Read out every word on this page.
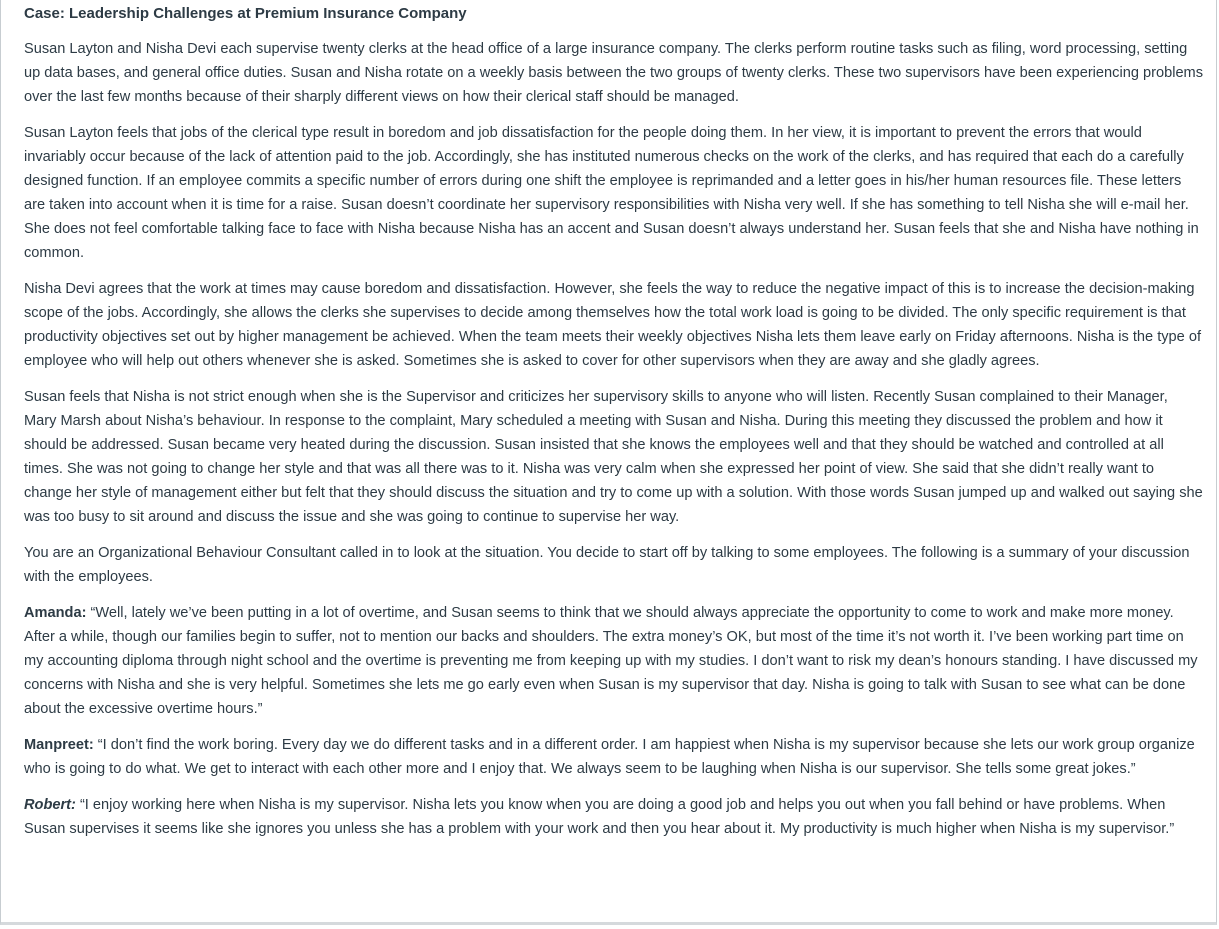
Case: Leadership Challenges at Premium Insurance Company

Susan Layton and Nisha Devi each supervise twenty clerks at the head office of a large insurance company. The clerks perform routine tasks such as filing, word processing, setting up data bases, and general office duties. Susan and Nisha rotate on a weekly basis between the two groups of twenty clerks. These two supervisors have been experiencing problems over the last few months because of their sharply different views on how their clerical staff should be managed.

Susan Layton feels that jobs of the clerical type result in boredom and job dissatisfaction for the people doing them. In her view, it is important to prevent the errors that would invariably occur because of the lack of attention paid to the job. Accordingly, she has instituted numerous checks on the work of the clerks, and has required that each do a carefully designed function. If an employee commits a specific number of errors during one shift the employee is reprimanded and a letter goes in his/her human resources file. These letters are taken into account when it is time for a raise. Susan doesn’t coordinate her supervisory responsibilities with Nisha very well. If she has something to tell Nisha she will e-mail her. She does not feel comfortable talking face to face with Nisha because Nisha has an accent and Susan doesn’t always understand her. Susan feels that she and Nisha have nothing in common.

Nisha Devi agrees that the work at times may cause boredom and dissatisfaction. However, she feels the way to reduce the negative impact of this is to increase the decision-making scope of the jobs. Accordingly, she allows the clerks she supervises to decide among themselves how the total work load is going to be divided. The only specific requirement is that productivity objectives set out by higher management be achieved. When the team meets their weekly objectives Nisha lets them leave early on Friday afternoons. Nisha is the type of employee who will help out others whenever she is asked. Sometimes she is asked to cover for other supervisors when they are away and she gladly agrees.

Susan feels that Nisha is not strict enough when she is the Supervisor and criticizes her supervisory skills to anyone who will listen. Recently Susan complained to their Manager, Mary Marsh about Nisha’s behaviour. In response to the complaint, Mary scheduled a meeting with Susan and Nisha. During this meeting they discussed the problem and how it should be addressed. Susan became very heated during the discussion. Susan insisted that she knows the employees well and that they should be watched and controlled at all times. She was not going to change her style and that was all there was to it. Nisha was very calm when she expressed her point of view. She said that she didn’t really want to change her style of management either but felt that they should discuss the situation and try to come up with a solution. With those words Susan jumped up and walked out saying she was too busy to sit around and discuss the issue and she was going to continue to supervise her way.

You are an Organizational Behaviour Consultant called in to look at the situation. You decide to start off by talking to some employees. The following is a summary of your discussion with the employees.

Amanda: “Well, lately we’ve been putting in a lot of overtime, and Susan seems to think that we should always appreciate the opportunity to come to work and make more money. After a while, though our families begin to suffer, not to mention our backs and shoulders. The extra money’s OK, but most of the time it’s not worth it. I’ve been working part time on my accounting diploma through night school and the overtime is preventing me from keeping up with my studies. I don’t want to risk my dean’s honours standing. I have discussed my concerns with Nisha and she is very helpful. Sometimes she lets me go early even when Susan is my supervisor that day. Nisha is going to talk with Susan to see what can be done about the excessive overtime hours.”

Manpreet: “I don’t find the work boring. Every day we do different tasks and in a different order. I am happiest when Nisha is my supervisor because she lets our work group organize who is going to do what. We get to interact with each other more and I enjoy that. We always seem to be laughing when Nisha is our supervisor. She tells some great jokes.”

Robert: “I enjoy working here when Nisha is my supervisor. Nisha lets you know when you are doing a good job and helps you out when you fall behind or have problems. When Susan supervises it seems like she ignores you unless she has a problem with your work and then you hear about it. My productivity is much higher when Nisha is my supervisor.”
